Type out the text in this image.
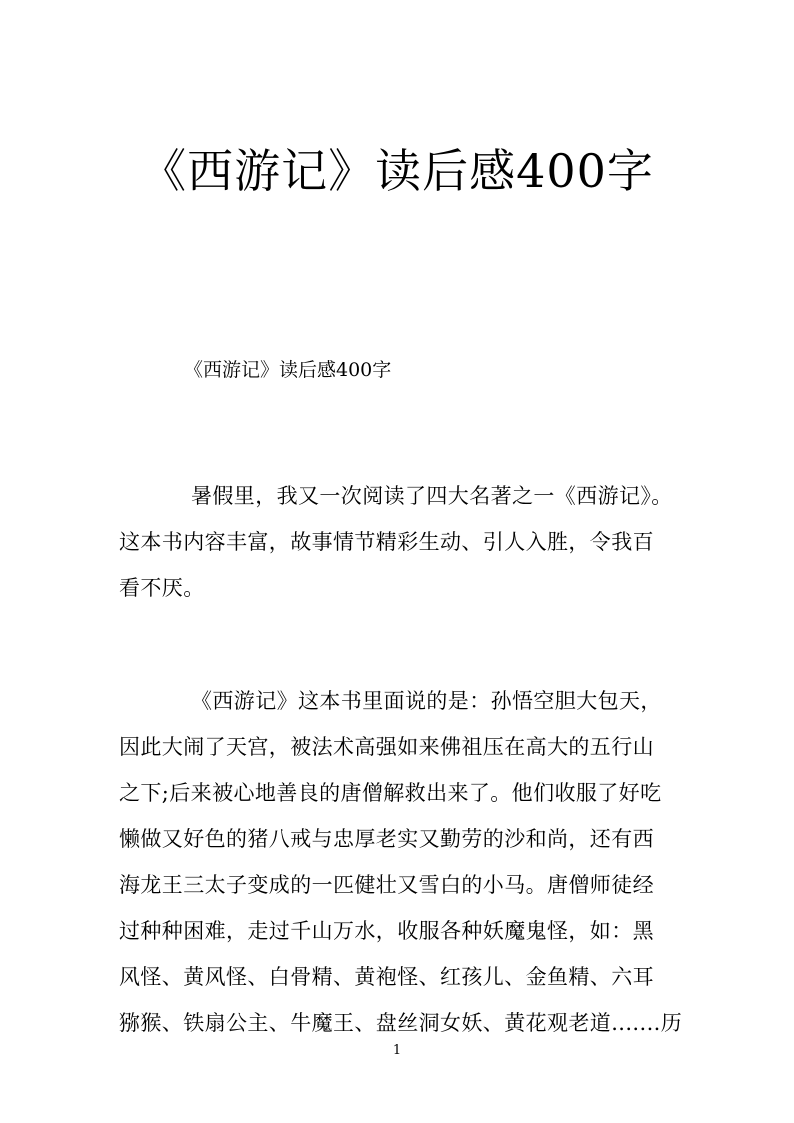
《西游记》读后感400字
《西游记》读后感400字
暑假里，我又一次阅读了四大名著之一《西游记》。
这本书内容丰富，故事情节精彩生动、引人入胜，令我百
看不厌。
《西游记》这本书里面说的是：孙悟空胆大包天，
因此大闹了天宫，被法术高强如来佛祖压在高大的五行山
之下;后来被心地善良的唐僧解救出来了。他们收服了好吃
懒做又好色的猪八戒与忠厚老实又勤劳的沙和尚，还有西
海龙王三太子变成的一匹健壮又雪白的小马。唐僧师徒经
过种种困难，走过千山万水，收服各种妖魔鬼怪，如：黑
风怪、黄风怪、白骨精、黄袍怪、红孩儿、金鱼精、六耳
猕猴、铁扇公主、牛魔王、盘丝洞女妖、黄花观老道.......历
1
